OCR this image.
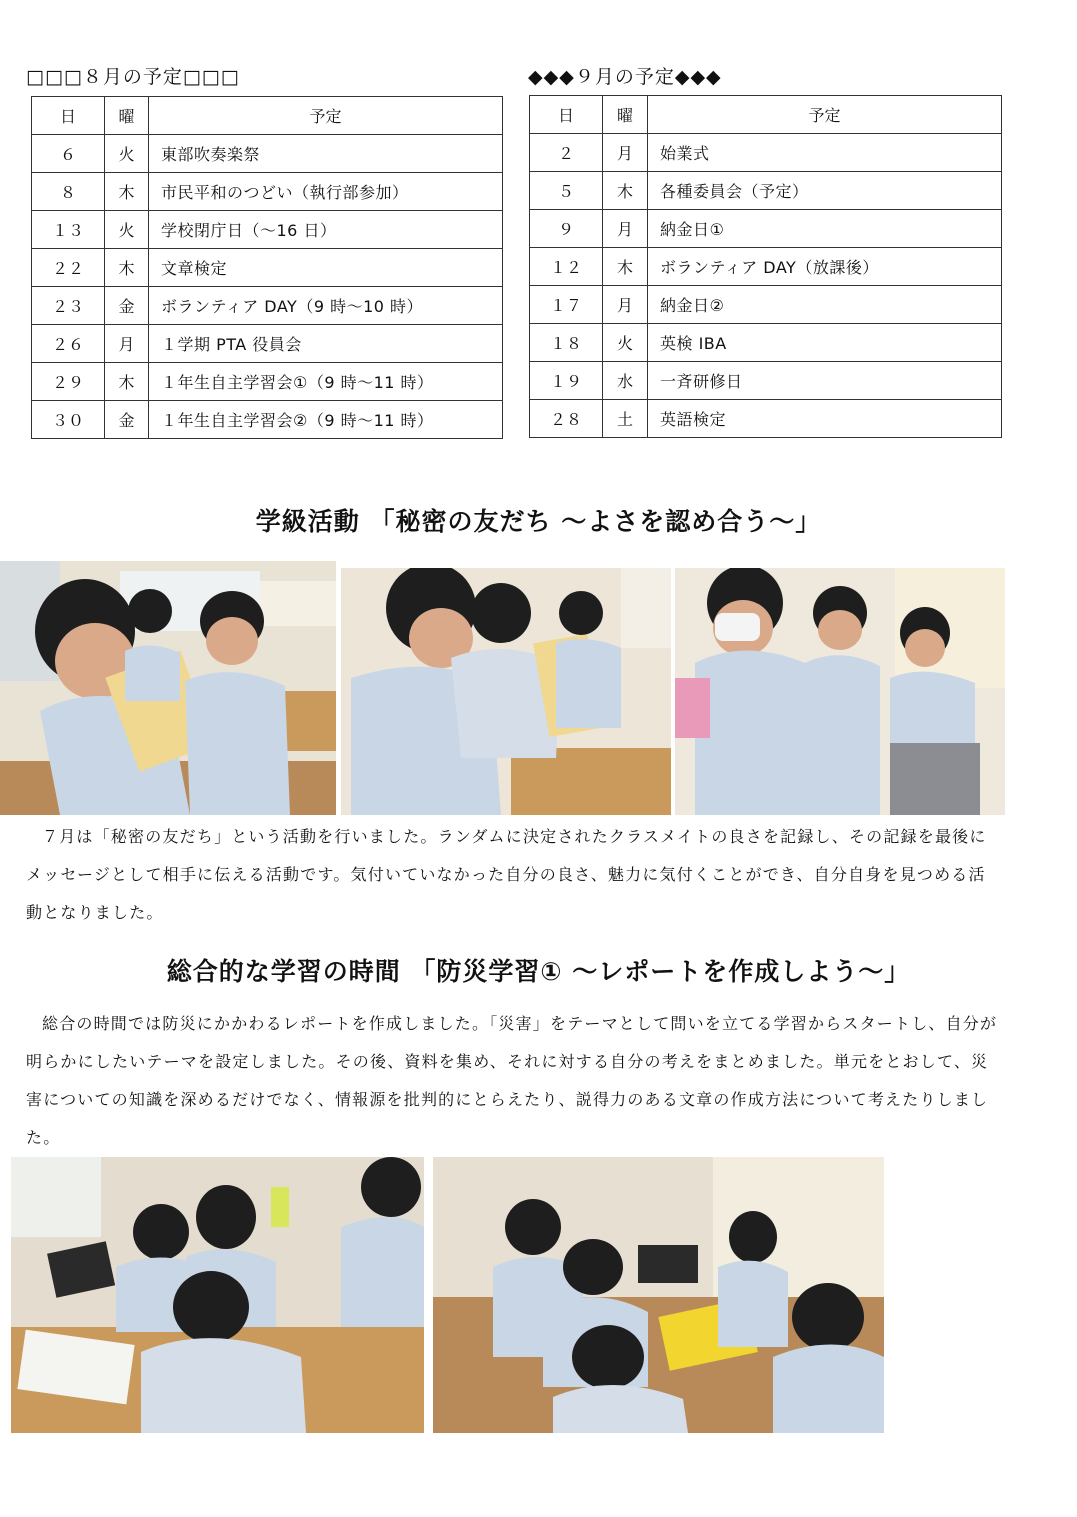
□□□８月の予定□□□
日	曜	予定
６	火	東部吹奏楽祭
８	木	市民平和のつどい（執行部参加）
１３	火	学校閉庁日（～16 日）
２２	木	文章検定
２３	金	ボランティア DAY（9 時～10 時）
２６	月	１学期 PTA 役員会
２９	木	１年生自主学習会①（9 時～11 時）
３０	金	１年生自主学習会②（9 時～11 時）
◆◆◆９月の予定◆◆◆
日	曜	予定
２	月	始業式
５	木	各種委員会（予定）
９	月	納金日①
１２	木	ボランティア DAY（放課後）
１７	月	納金日②
１８	火	英検 IBA
１９	水	一斉研修日
２８	土	英語検定
学級活動 「秘密の友だち ～よさを認め合う～」

７月は「秘密の友だち」という活動を行いました。ランダムに決定されたクラスメイトの良さを記録し、その記録を最後にメッセージとして相手に伝える活動です。気付いていなかった自分の良さ、魅力に気付くことができ、自分自身を見つめる活動となりました。

総合的な学習の時間 「防災学習① ～レポートを作成しよう～」

総合の時間では防災にかかわるレポートを作成しました。「災害」をテーマとして問いを立てる学習からスタートし、自分が明らかにしたいテーマを設定しました。その後、資料を集め、それに対する自分の考えをまとめました。単元をとおして、災害についての知識を深めるだけでなく、情報源を批判的にとらえたり、説得力のある文章の作成方法について考えたりしました。
